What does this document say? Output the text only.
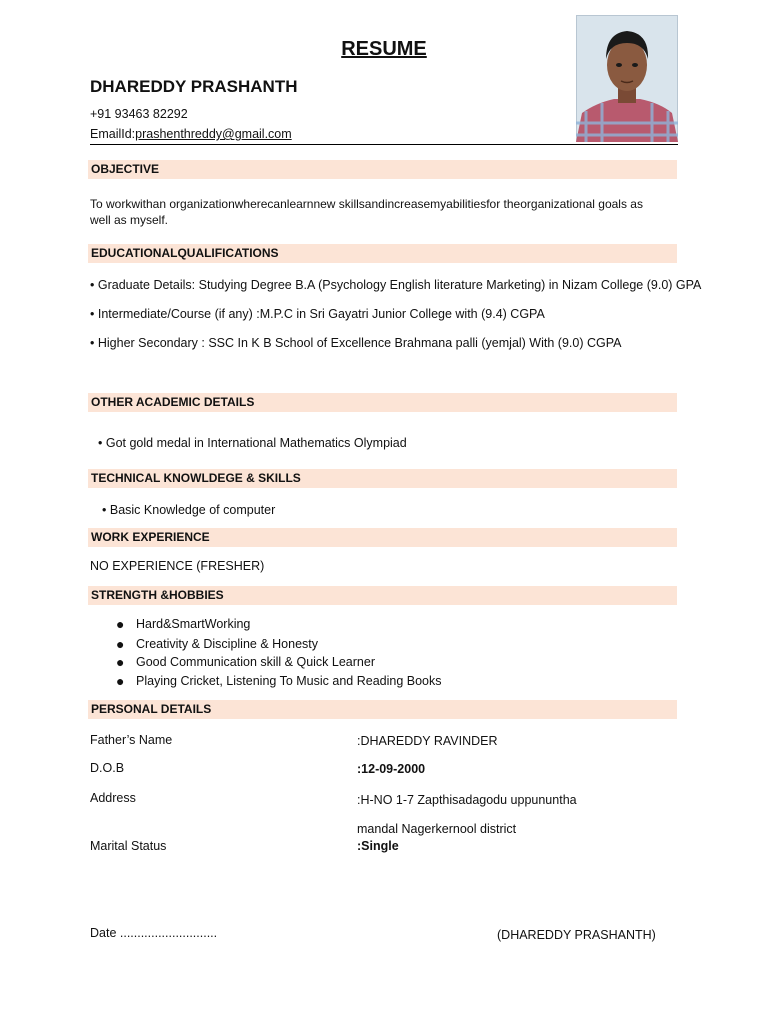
RESUME
DHAREDDY PRASHANTH
+91 93463 82292
EmailId:prashenthreddy@gmail.com
OBJECTIVE
To workwithan organizationwherecanlearnnew skillsandincreasemyabilitiesfor theorganizational goals as well as myself.
EDUCATIONALQUALIFICATIONS
• Graduate Details: Studying Degree B.A (Psychology English literature Marketing) in Nizam College (9.0) GPA
• Intermediate/Course (if any) :M.P.C in Sri Gayatri Junior College with (9.4) CGPA
• Higher Secondary : SSC In K B School of Excellence Brahmana palli (yemjal) With (9.0) CGPA
OTHER ACADEMIC DETAILS
• Got gold medal in International Mathematics Olympiad
TECHNICAL KNOWLDEGE & SKILLS
• Basic Knowledge of computer
WORK EXPERIENCE
NO EXPERIENCE (FRESHER)
STRENGTH &HOBBIES
● Hard&SmartWorking
● Creativity & Discipline & Honesty
● Good Communication skill & Quick Learner
● Playing Cricket, Listening To Music and Reading Books
PERSONAL DETAILS
Father’s Name	:DHAREDDY RAVINDER
D.O.B	:12-09-2000
Address	:H-NO 1-7 Zapthisadagodu uppununtha
mandal Nagerkernool district
Marital Status	:Single
Date ............................	(DHAREDDY PRASHANTH)
